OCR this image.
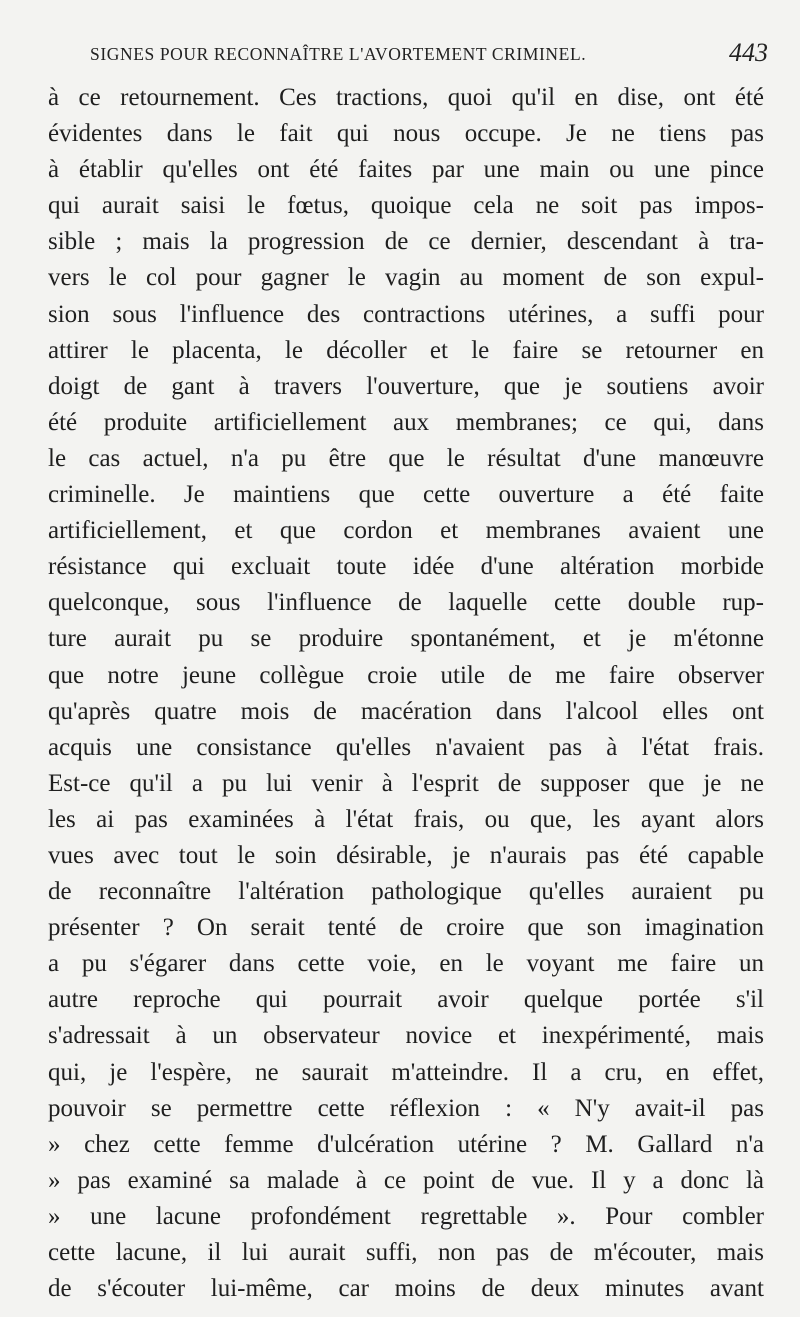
SIGNES POUR RECONNAÎTRE L'AVORTEMENT CRIMINEL.	443
à ce retournement. Ces tractions, quoi qu'il en dise, ont été
évidentes dans le fait qui nous occupe. Je ne tiens pas
à établir qu'elles ont été faites par une main ou une pince
qui aurait saisi le fœtus, quoique cela ne soit pas impos-
sible ; mais la progression de ce dernier, descendant à tra-
vers le col pour gagner le vagin au moment de son expul-
sion sous l'influence des contractions utérines, a suffi pour
attirer le placenta, le décoller et le faire se retourner en
doigt de gant à travers l'ouverture, que je soutiens avoir
été produite artificiellement aux membranes; ce qui, dans
le cas actuel, n'a pu être que le résultat d'une manœuvre
criminelle. Je maintiens que cette ouverture a été faite
artificiellement, et que cordon et membranes avaient une
résistance qui excluait toute idée d'une altération morbide
quelconque, sous l'influence de laquelle cette double rup-
ture aurait pu se produire spontanément, et je m'étonne
que notre jeune collègue croie utile de me faire observer
qu'après quatre mois de macération dans l'alcool elles ont
acquis une consistance qu'elles n'avaient pas à l'état frais.
Est-ce qu'il a pu lui venir à l'esprit de supposer que je ne
les ai pas examinées à l'état frais, ou que, les ayant alors
vues avec tout le soin désirable, je n'aurais pas été capable
de reconnaître l'altération pathologique qu'elles auraient pu
présenter ? On serait tenté de croire que son imagination
a pu s'égarer dans cette voie, en le voyant me faire un
autre reproche qui pourrait avoir quelque portée s'il
s'adressait à un observateur novice et inexpérimenté, mais
qui, je l'espère, ne saurait m'atteindre. Il a cru, en effet,
pouvoir se permettre cette réflexion : « N'y avait-il pas
» chez cette femme d'ulcération utérine ? M. Gallard n'a
» pas examiné sa malade à ce point de vue. Il y a donc là
» une lacune profondément regrettable ». Pour combler
cette lacune, il lui aurait suffi, non pas de m'écouter, mais
de s'écouter lui-même, car moins de deux minutes avant
